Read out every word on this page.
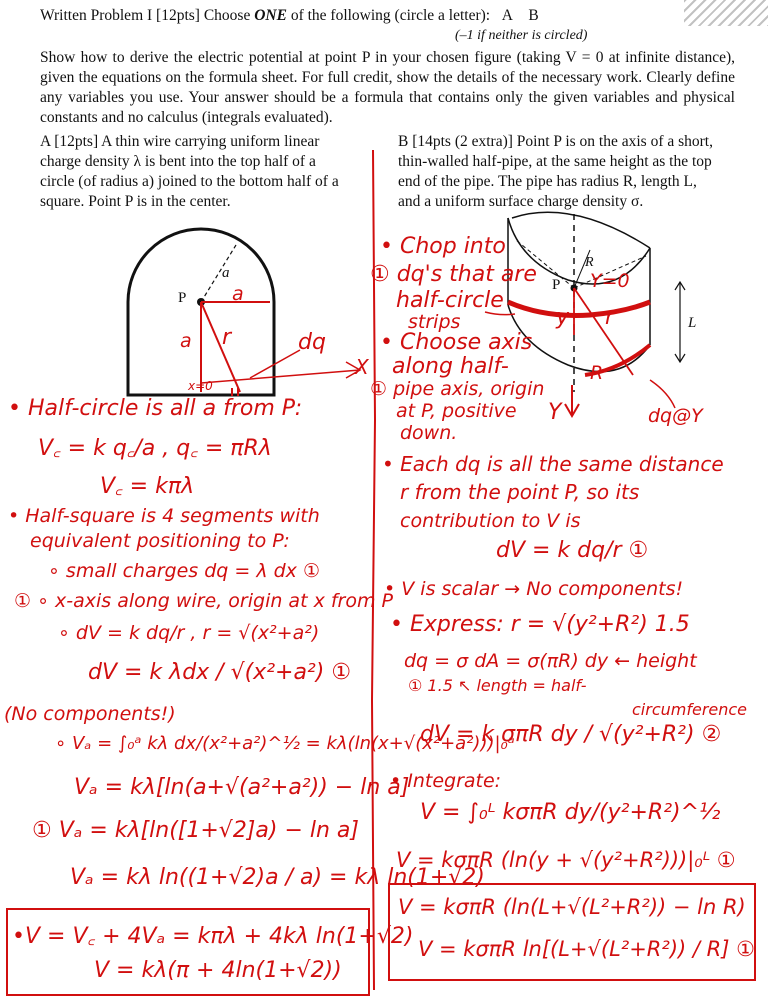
Written Problem I [12pts] Choose ONE of the following (circle a letter): A B
(–1 if neither is circled)
Show how to derive the electric potential at point P in your chosen figure (taking V = 0 at infinite distance), given the equations on the formula sheet. For full credit, show the details of the necessary work. Clearly define any variables you use. Your answer should be a formula that contains only the given variables and physical constants and no calculus (integrals evaluated).
A [12pts] A thin wire carrying uniform linear charge density λ is bent into the top half of a circle (of radius a) joined to the bottom half of a square. Point P is in the center.
B [14pts (2 extra)] Point P is on the axis of a short, thin-walled half-pipe, at the same height as the top end of the pipe. The pipe has radius R, length L, and a uniform surface charge density σ.
a
P a
a r	dq
X
x=0
R
P Y=0
L
y r
R
Y	dq@Y
• Half-circle is all a from P:
V꜀ = k q꜀/a , q꜀ = πRλ
V꜀ = kπλ
• Half-square is 4 segments with
equivalent positioning to P:
∘ small charges dq = λ dx ①
① ∘ x-axis along wire, origin at x from P
∘ dV = k dq/r , r = √(x²+a²)
dV = k λdx / √(x²+a²) ①
(No components!)
∘ Vₐ = ∫₀ᵃ kλ dx/(x²+a²)^½ = kλ(ln(x+√(x²+a²)))|₀ᵃ
Vₐ = kλ[ln(a+√(a²+a²)) − ln a]
① Vₐ = kλ[ln([1+√2]a) − ln a]
Vₐ = kλ ln((1+√2)a / a) = kλ ln(1+√2)
•V = V꜀ + 4Vₐ = kπλ + 4kλ ln(1+√2)
V = kλ(π + 4ln(1+√2))
• Chop into
① dq's that are
half-circle
strips
• Choose axis
along half-
① pipe axis, origin
at P, positive
down.
• Each dq is all the same distance
r from the point P, so its
contribution to V is
dV = k dq/r ①
• V is scalar → No components!
• Express: r = √(y²+R²) 1.5
dq = σ dA = σ(πR) dy ← height
① 1.5 ↖ length = half-
circumference
dV = k σπR dy / √(y²+R²) ②
• Integrate:
V = ∫₀ᴸ kσπR dy/(y²+R²)^½
V = kσπR (ln(y + √(y²+R²)))|₀ᴸ ①
V = kσπR (ln(L+√(L²+R²)) − ln R)
V = kσπR ln[(L+√(L²+R²)) / R] ①
